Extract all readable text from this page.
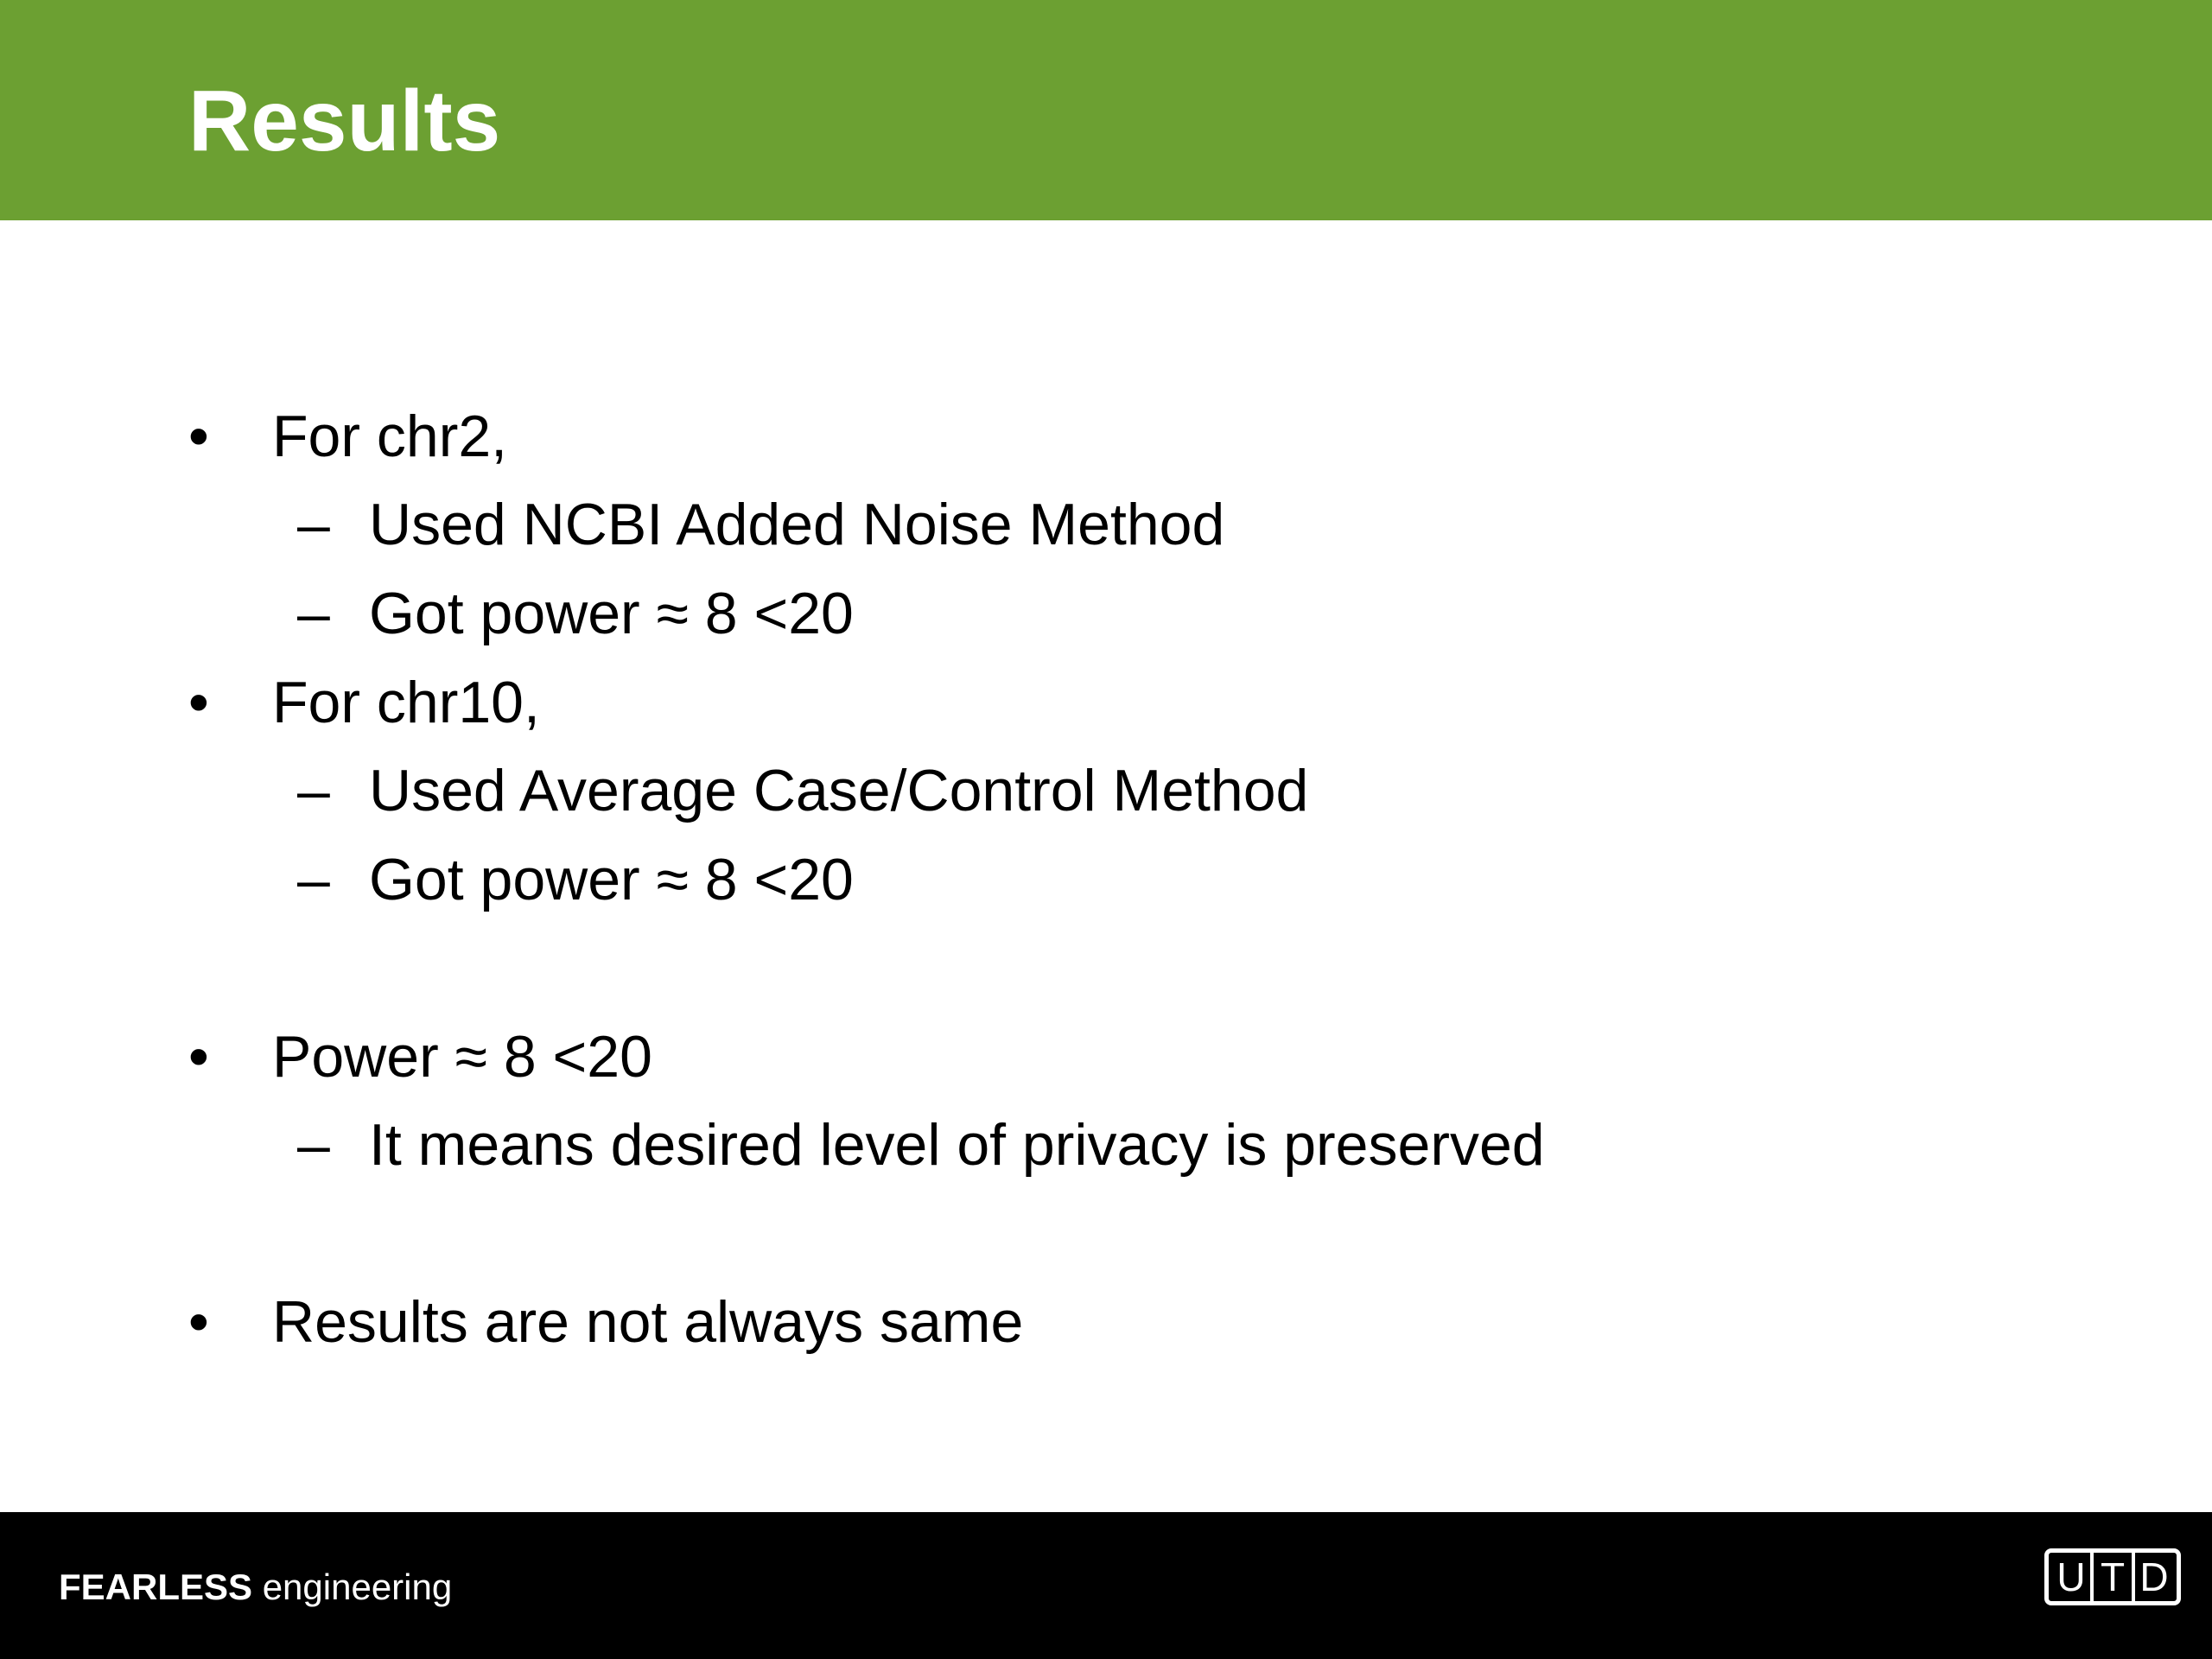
Results
• For chr2,
– Used NCBI Added Noise Method
– Got power ≈ 8 <20
• For chr10,
– Used Average Case/Control Method
– Got power ≈ 8 <20
• Power ≈ 8 <20
– It means desired level of privacy is preserved
• Results are not always same
FEARLESS engineering	U T D
